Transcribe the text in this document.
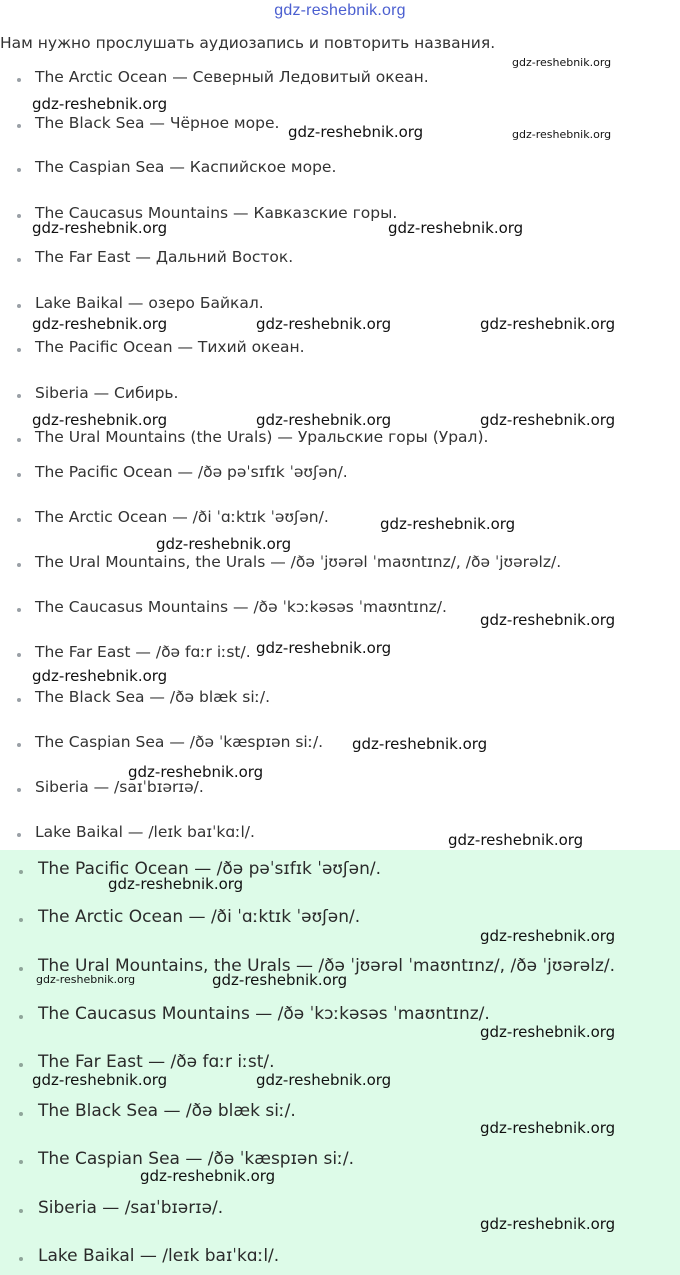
gdz-reshebnik.org
Нам нужно прослушать аудиозапись и повторить названия.
The Arctic Ocean — Северный Ледовитый океан.
The Black Sea — Чёрное море.
The Caspian Sea — Каспийское море.
The Caucasus Mountains — Кавказские горы.
The Far East — Дальний Восток.
Lake Baikal — озеро Байкал.
The Pacific Ocean — Тихий океан.
Siberia — Сибирь.
The Ural Mountains (the Urals) — Уральские горы (Урал).
The Pacific Ocean — /ðə pəˈsɪfɪk ˈəʊʃən/.
The Arctic Ocean — /ði ˈɑːktɪk ˈəʊʃən/.
The Ural Mountains, the Urals — /ðə ˈjʊərəl ˈmaʊntɪnz/, /ðə ˈjʊərəlz/.
The Caucasus Mountains — /ðə ˈkɔːkəsəs ˈmaʊntɪnz/.
The Far East — /ðə fɑːr iːst/.
The Black Sea — /ðə blæk siː/.
The Caspian Sea — /ðə ˈkæspɪən siː/.
Siberia — /saɪˈbɪərɪə/.
Lake Baikal — /leɪk baɪˈkɑːl/.
The Pacific Ocean — /ðə pəˈsɪfɪk ˈəʊʃən/.
The Arctic Ocean — /ði ˈɑːktɪk ˈəʊʃən/.
The Ural Mountains, the Urals — /ðə ˈjʊərəl ˈmaʊntɪnz/, /ðə ˈjʊərəlz/.
The Caucasus Mountains — /ðə ˈkɔːkəsəs ˈmaʊntɪnz/.
The Far East — /ðə fɑːr iːst/.
The Black Sea — /ðə blæk siː/.
The Caspian Sea — /ðə ˈkæspɪən siː/.
Siberia — /saɪˈbɪərɪə/.
Lake Baikal — /leɪk baɪˈkɑːl/.
gdz-reshebnik.org
gdz-reshebnik.org
gdz-reshebnik.org	gdz-reshebnik.org
gdz-reshebnik.org	gdz-reshebnik.org
gdz-reshebnik.org	gdz-reshebnik.org	gdz-reshebnik.org
gdz-reshebnik.org	gdz-reshebnik.org	gdz-reshebnik.org
gdz-reshebnik.org
gdz-reshebnik.org
gdz-reshebnik.org
gdz-reshebnik.org
gdz-reshebnik.org
gdz-reshebnik.org
gdz-reshebnik.org
gdz-reshebnik.org
gdz-reshebnik.org
gdz-reshebnik.org
gdz-reshebnik.org	gdz-reshebnik.org
gdz-reshebnik.org
gdz-reshebnik.org	gdz-reshebnik.org
gdz-reshebnik.org
gdz-reshebnik.org
gdz-reshebnik.org
